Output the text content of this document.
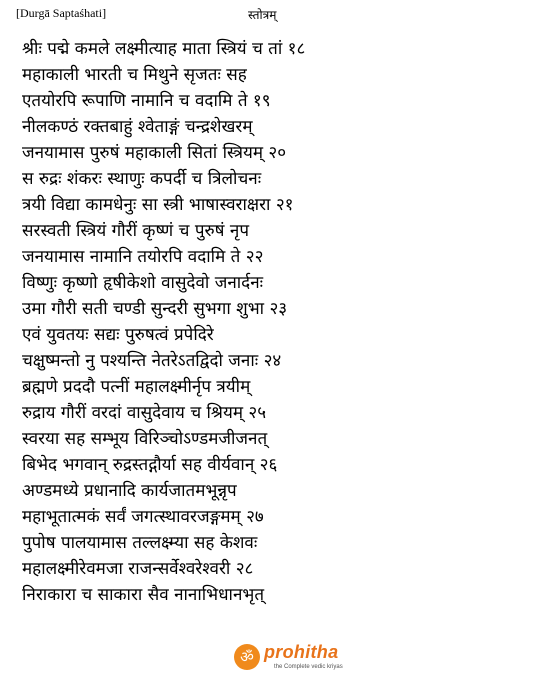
[Durgā Saptaśhati]	स्तोत्रम्
श्रीः पद्मे कमले लक्ष्मीत्याह माता स्त्रियं च तां १८
महाकाली भारती च मिथुने सृजतः सह
एतयोरपि रूपाणि नामानि च वदामि ते १९
नीलकण्ठं रक्तबाहुं श्वेताङ्गं चन्द्रशेखरम्
जनयामास पुरुषं महाकाली सितां स्त्रियम् २०
स रुद्रः शंकरः स्थाणुः कपर्दी च त्रिलोचनः
त्रयी विद्या कामधेनुः सा स्त्री भाषास्वराक्षरा २१
सरस्वती स्त्रियं गौरीं कृष्णं च पुरुषं नृप
जनयामास नामानि तयोरपि वदामि ते २२
विष्णुः कृष्णो हृषीकेशो वासुदेवो जनार्दनः
उमा गौरी सती चण्डी सुन्दरी सुभगा शुभा २३
एवं युवतयः सद्यः पुरुषत्वं प्रपेदिरे
चक्षुष्मन्तो नु पश्यन्ति नेतरेऽतद्विदो जनाः २४
ब्रह्मणे प्रददौ पत्नीं महालक्ष्मीर्नृप त्रयीम्
रुद्राय गौरीं वरदां वासुदेवाय च श्रियम् २५
स्वरया सह सम्भूय विरिञ्चोऽण्डमजीजनत्
बिभेद भगवान् रुद्रस्तद्गौर्या सह वीर्यवान् २६
अण्डमध्ये प्रधानादि कार्यजातमभून्नृप
महाभूतात्मकं सर्वं जगत्स्थावरजङ्गमम् २७
पुपोष पालयामास तल्लक्ष्म्या सह केशवः
महालक्ष्मीरेवमजा राजन्सर्वेश्वरेश्वरी २८
निराकारा च साकारा सैव नानाभिधानभृत्
ॐ prohitha
the Complete vedic kriyas
